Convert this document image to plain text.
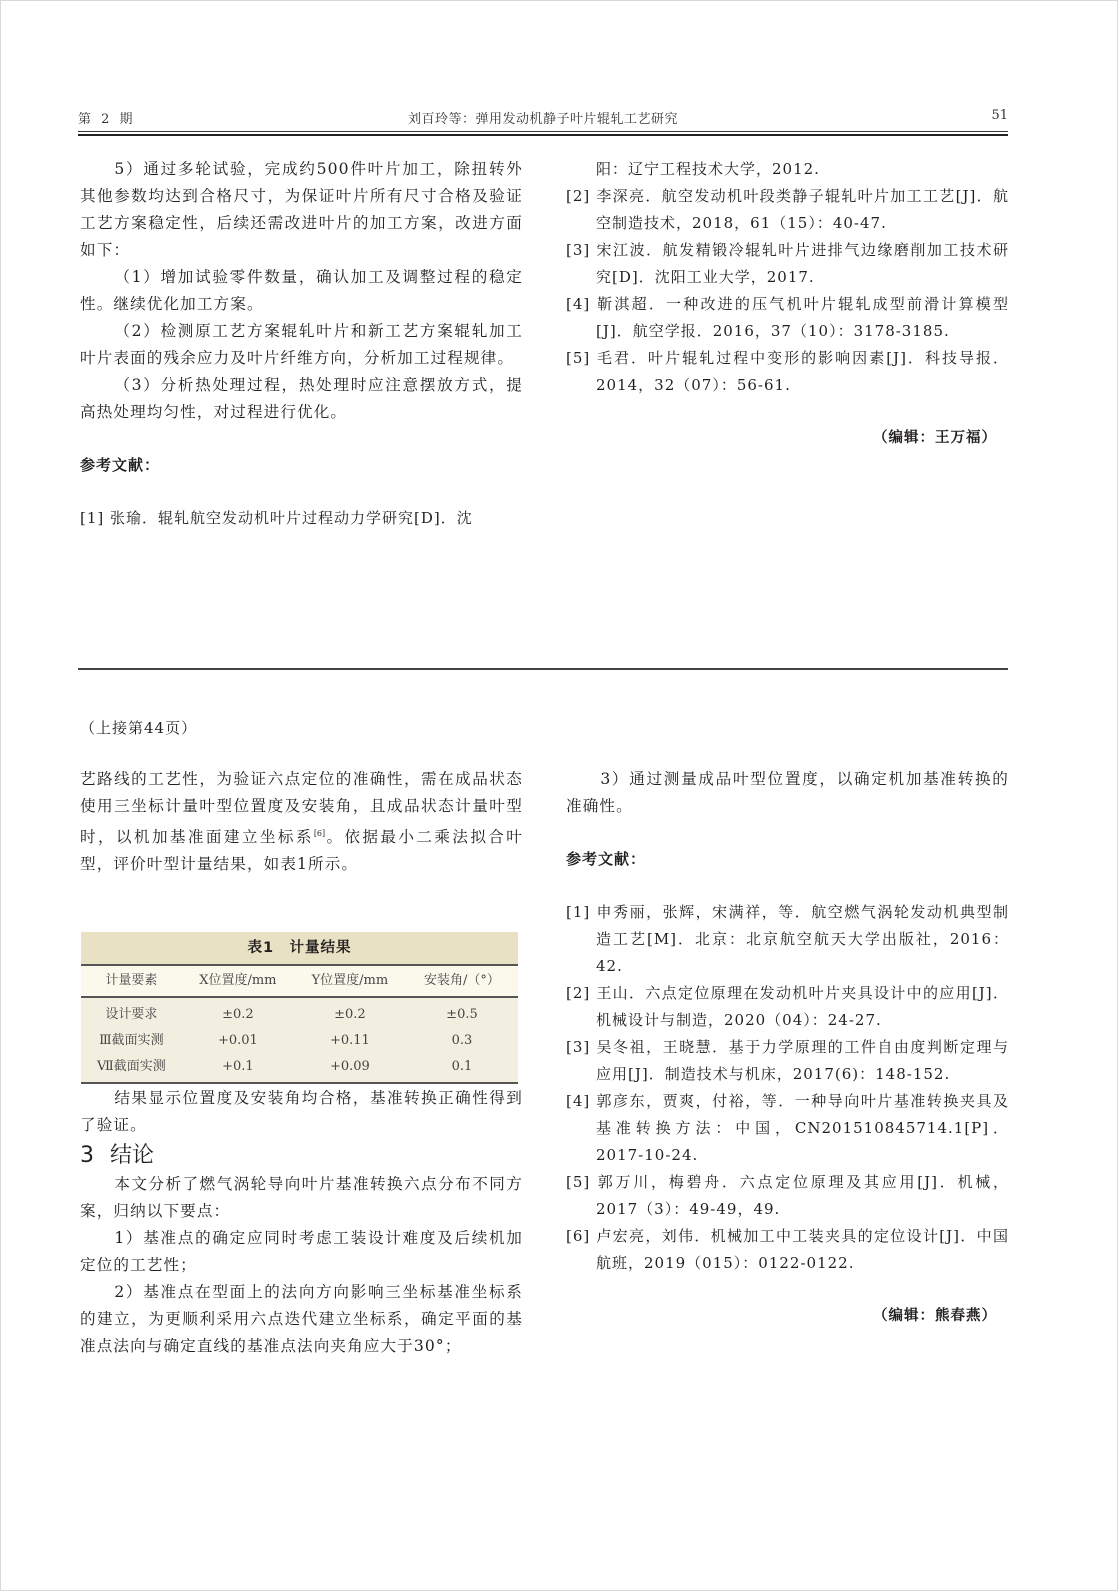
第 2 期	刘百玲等：弹用发动机静子叶片辊轧工艺研究	51

5）通过多轮试验，完成约500件叶片加工，除扭转外其他参数均达到合格尺寸，为保证叶片所有尺寸合格及验证工艺方案稳定性，后续还需改进叶片的加工方案，改进方面如下：

（1）增加试验零件数量，确认加工及调整过程的稳定性。继续优化加工方案。

（2）检测原工艺方案辊轧叶片和新工艺方案辊轧加工叶片表面的残余应力及叶片纤维方向，分析加工过程规律。

（3）分析热处理过程，热处理时应注意摆放方式，提高热处理均匀性，对过程进行优化。

参考文献：

[1] 张瑜．辊轧航空发动机叶片过程动力学研究[D]．沈

阳：辽宁工程技术大学，2012.

[2] 李深亮．航空发动机叶段类静子辊轧叶片加工工艺[J]．航空制造技术，2018，61（15）：40-47.

[3] 宋江波．航发精锻冷辊轧叶片进排气边缘磨削加工技术研究[D]．沈阳工业大学，2017.

[4] 靳淇超．一种改进的压气机叶片辊轧成型前滑计算模型[J]．航空学报．2016，37（10）：3178-3185.

[5] 毛君．叶片辊轧过程中变形的影响因素[J]．科技导报．2014，32（07）：56-61.

（编辑：王万福）
（上接第44页）

艺路线的工艺性，为验证六点定位的准确性，需在成品状态使用三坐标计量叶型位置度及安装角，且成品状态计量叶型时，以机加基准面建立坐标系[6]。依据最小二乘法拟合叶型，评价叶型计量结果，如表1所示。

表1　计量结果
计量要素	X位置度/mm	Y位置度/mm	安装角/（°）
设计要求	±0.2	±0.2	±0.5
Ⅲ截面实测	+0.01	+0.11	0.3
Ⅶ截面实测	+0.1	+0.09	0.1

结果显示位置度及安装角均合格，基准转换正确性得到了验证。

3 结论

本文分析了燃气涡轮导向叶片基准转换六点分布不同方案，归纳以下要点：

1）基准点的确定应同时考虑工装设计难度及后续机加定位的工艺性；

2）基准点在型面上的法向方向影响三坐标基准坐标系的建立，为更顺利采用六点迭代建立坐标系，确定平面的基准点法向与确定直线的基准点法向夹角应大于30°；

3）通过测量成品叶型位置度，以确定机加基准转换的准确性。

参考文献：

[1] 申秀丽，张辉，宋满祥，等．航空燃气涡轮发动机典型制造工艺[M]．北京：北京航空航天大学出版社，2016：42.

[2] 王山．六点定位原理在发动机叶片夹具设计中的应用[J]．机械设计与制造，2020（04）：24-27.

[3] 吴冬祖，王晓慧．基于力学原理的工件自由度判断定理与应用[J]．制造技术与机床，2017(6)：148-152.

[4] 郭彦东，贾爽，付裕，等．一种导向叶片基准转换夹具及基准转换方法：中国，CN201510845714.1[P]．2017-10-24.

[5] 郭万川，梅碧舟．六点定位原理及其应用[J]．机械，2017（3）：49-49，49.

[6] 卢宏亮，刘伟．机械加工中工装夹具的定位设计[J]．中国航班，2019（015）：0122-0122.

（编辑：熊春燕）
